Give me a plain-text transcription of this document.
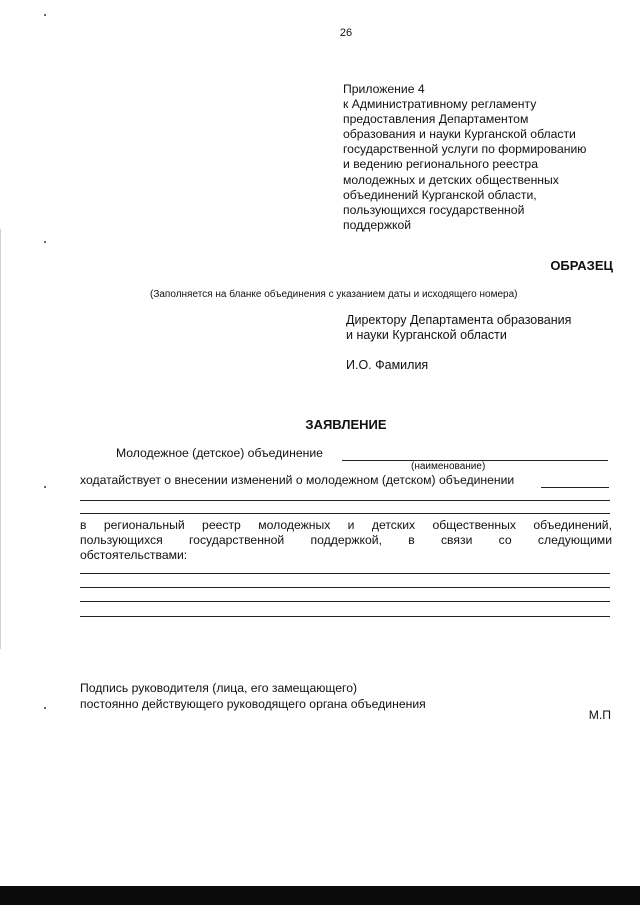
26
Приложение 4
к Административному регламенту
предоставления Департаментом
образования и науки Курганской области
государственной услуги по формированию
и ведению регионального реестра
молодежных и детских общественных
объединений Курганской области,
пользующихся государственной
поддержкой
ОБРАЗЕЦ
(Заполняется на бланке объединения с указанием даты и исходящего номера)
Директору Департамента образования
и науки Курганской области
И.О. Фамилия
ЗАЯВЛЕНИЕ
Молодежное (детское) объединение
(наименование)
ходатайствует о внесении изменений о молодежном (детском) объединении
в региональный реестр молодежных и детских общественных объединений,
пользующихся государственной поддержкой, в связи со следующими
обстоятельствами:
Подпись руководителя (лица, его замещающего)
постоянно действующего руководящего органа объединения
М.П
